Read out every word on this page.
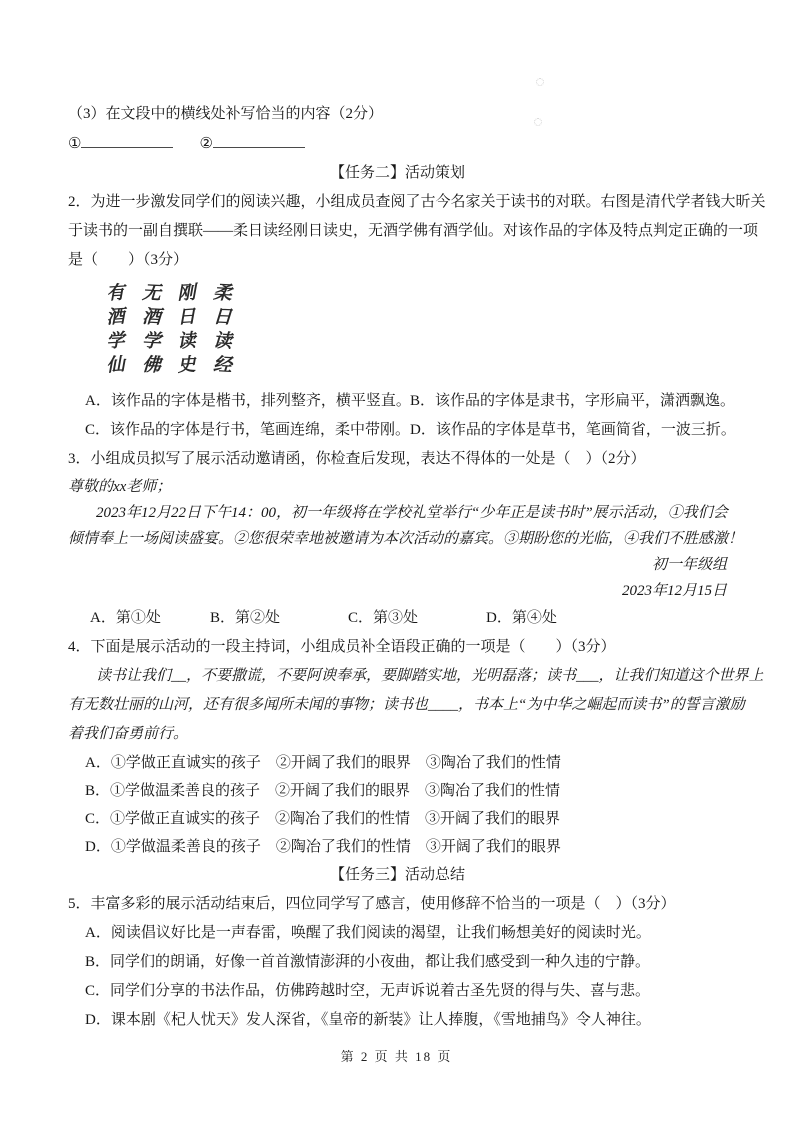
（3）在文段中的横线处补写恰当的内容（2分）
①	②
【任务二】活动策划
2．为进一步激发同学们的阅读兴趣，小组成员查阅了古今名家关于读书的对联。右图是清代学者钱大昕关
于读书的一副自撰联——柔日读经刚日读史，无酒学佛有酒学仙。对该作品的字体及特点判定正确的一项
是（　　）（3分）
有 无 刚 柔
酒 酒 日 日
学 学 读 读
仙 佛 史 经
A．该作品的字体是楷书，排列整齐，横平竖直。 B．该作品的字体是隶书，字形扁平，潇洒飘逸。
C．该作品的字体是行书，笔画连绵，柔中带刚。 D．该作品的字体是草书，笔画简省，一波三折。
3．小组成员拟写了展示活动邀请函，你检查后发现，表达不得体的一处是（　）（2分）
尊敬的xx老师；
2023年12月22日下午14：00，初一年级将在学校礼堂举行“少年正是读书时”展示活动，①我们会
倾情奉上一场阅读盛宴。②您很荣幸地被邀请为本次活动的嘉宾。③期盼您的光临，④我们不胜感激！
初一年级组
2023年12月15日
A．第①处	B．第②处	C．第③处	D．第④处
4．下面是展示活动的一段主持词，小组成员补全语段正确的一项是（　　）（3分）
读书让我们__，不要撒谎，不要阿谀奉承，要脚踏实地，光明磊落；读书___，让我们知道这个世界上
有无数壮丽的山河，还有很多闻所未闻的事物；读书也____，书本上“为中华之崛起而读书”的誓言激励
着我们奋勇前行。
A．①学做正直诚实的孩子　②开阔了我们的眼界　③陶冶了我们的性情
B．①学做温柔善良的孩子　②开阔了我们的眼界　③陶冶了我们的性情
C．①学做正直诚实的孩子　②陶冶了我们的性情　③开阔了我们的眼界
D．①学做温柔善良的孩子　②陶冶了我们的性情　③开阔了我们的眼界
【任务三】活动总结
5．丰富多彩的展示活动结束后，四位同学写了感言，使用修辞不恰当的一项是（　）（3分）
A．阅读倡议好比是一声春雷，唤醒了我们阅读的渴望，让我们畅想美好的阅读时光。
B．同学们的朗诵，好像一首首激情澎湃的小夜曲，都让我们感受到一种久违的宁静。
C．同学们分享的书法作品，仿佛跨越时空，无声诉说着古圣先贤的得与失、喜与悲。
D．课本剧《杞人忧天》发人深省，《皇帝的新装》让人捧腹，《雪地捕鸟》令人神往。
第 2 页 共 18 页
